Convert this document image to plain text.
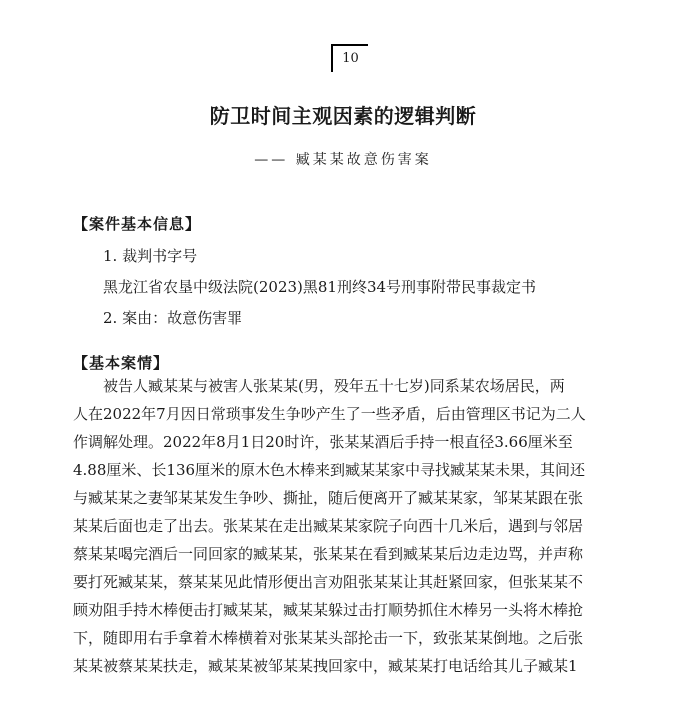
10
防卫时间主观因素的逻辑判断
—— 臧某某故意伤害案
【案件基本信息】
1. 裁判书字号
黑龙江省农垦中级法院(2023)黑81刑终34号刑事附带民事裁定书
2. 案由：故意伤害罪
【基本案情】
被告人臧某某与被害人张某某(男，殁年五十七岁)同系某农场居民，两
人在2022年7月因日常琐事发生争吵产生了一些矛盾，后由管理区书记为二人
作调解处理。2022年8月1日20时许，张某某酒后手持一根直径3.66厘米至
4.88厘米、长136厘米的原木色木棒来到臧某某家中寻找臧某某未果，其间还
与臧某某之妻邹某某发生争吵、撕扯，随后便离开了臧某某家，邹某某跟在张
某某后面也走了出去。张某某在走出臧某某家院子向西十几米后，遇到与邻居
蔡某某喝完酒后一同回家的臧某某，张某某在看到臧某某后边走边骂，并声称
要打死臧某某，蔡某某见此情形便出言劝阻张某某让其赶紧回家，但张某某不
顾劝阻手持木棒便击打臧某某，臧某某躲过击打顺势抓住木棒另一头将木棒抢
下，随即用右手拿着木棒横着对张某某头部抡击一下，致张某某倒地。之后张
某某被蔡某某扶走，臧某某被邹某某拽回家中，臧某某打电话给其儿子臧某1
